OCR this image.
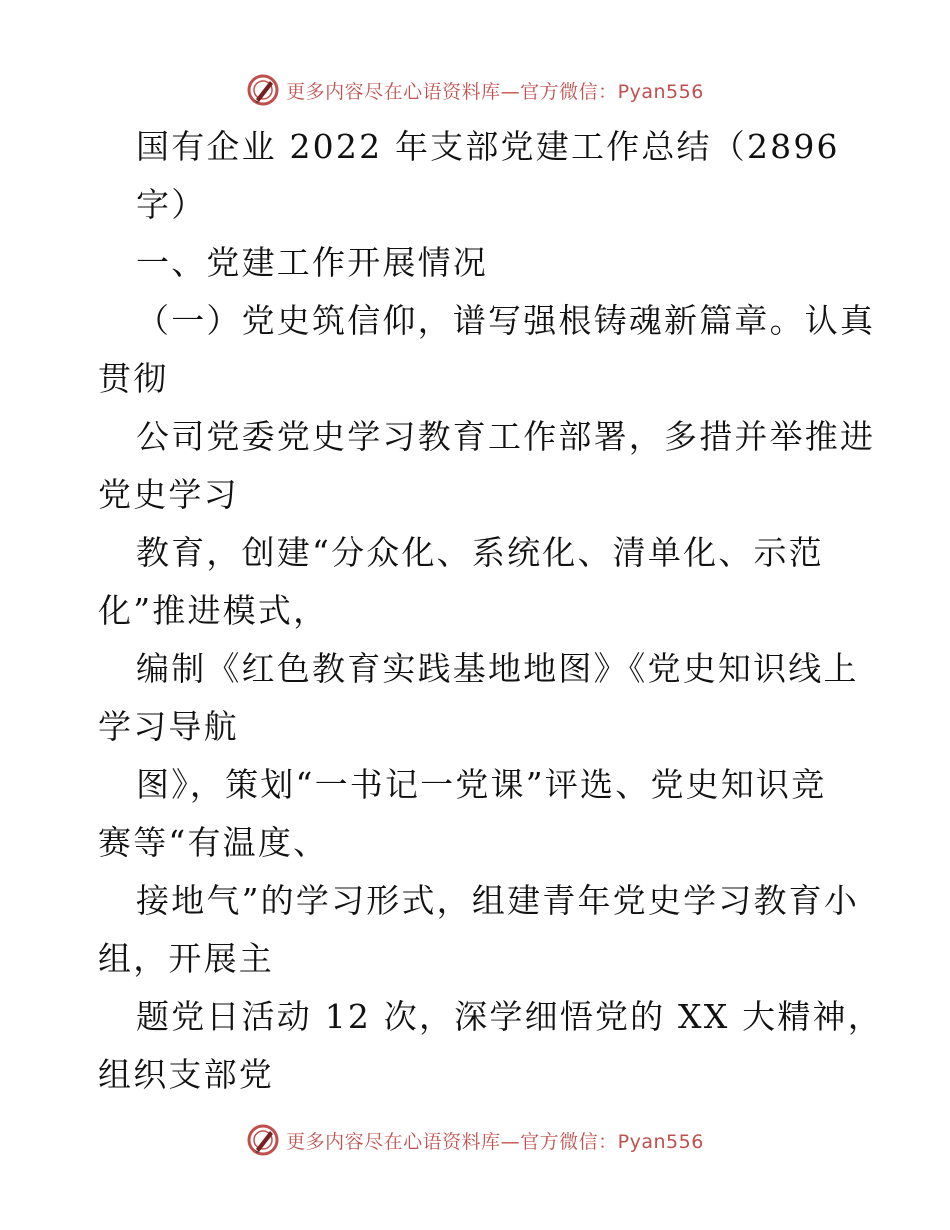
更多内容尽在心语资料库—官方微信：Pyan556
国有企业 2022 年支部党建工作总结（2896
字）
一、党建工作开展情况
（一）党史筑信仰，谱写强根铸魂新篇章。认真
贯彻
公司党委党史学习教育工作部署，多措并举推进
党史学习
教育，创建“分众化、系统化、清单化、示范
化”推进模式，
编制《红色教育实践基地地图》《党史知识线上
学习导航
图》，策划“一书记一党课”评选、党史知识竞
赛等“有温度、
接地气”的学习形式，组建青年党史学习教育小
组，开展主
题党日活动 12 次，深学细悟党的 XX 大精神，
组织支部党
更多内容尽在心语资料库—官方微信：Pyan556
